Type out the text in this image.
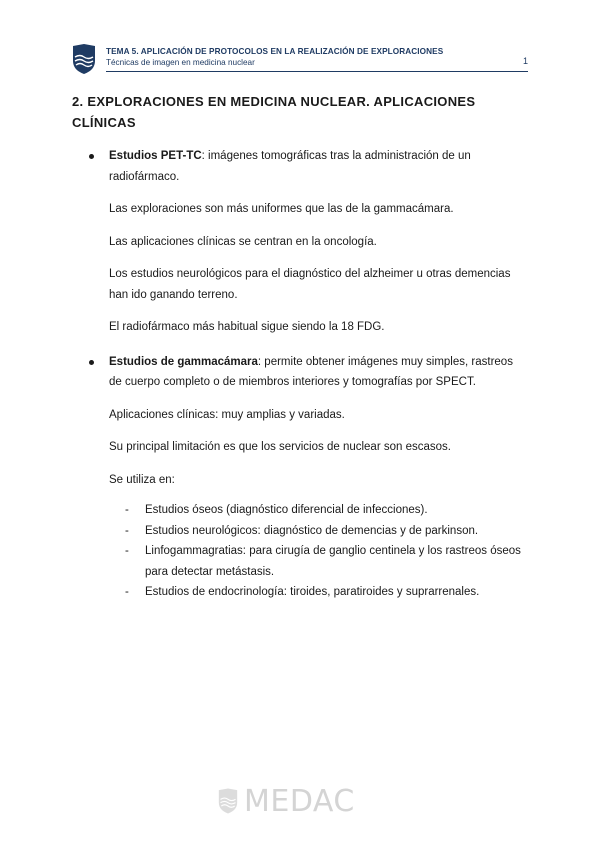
TEMA 5. APLICACIÓN DE PROTOCOLOS EN LA REALIZACIÓN DE EXPLORACIONES
Técnicas de imagen en medicina nuclear	1
2. EXPLORACIONES EN MEDICINA NUCLEAR. APLICACIONES CLÍNICAS
Estudios PET-TC: imágenes tomográficas tras la administración de un radiofármaco.
Las exploraciones son más uniformes que las de la gammacámara.
Las aplicaciones clínicas se centran en la oncología.
Los estudios neurológicos para el diagnóstico del alzheimer u otras demencias han ido ganando terreno.
El radiofármaco más habitual sigue siendo la 18 FDG.
Estudios de gammacámara: permite obtener imágenes muy simples, rastreos de cuerpo completo o de miembros interiores y tomografías por SPECT.
Aplicaciones clínicas: muy amplias y variadas.
Su principal limitación es que los servicios de nuclear son escasos.
Se utiliza en:
- Estudios óseos (diagnóstico diferencial de infecciones).
- Estudios neurológicos: diagnóstico de demencias y de parkinson.
- Linfogammagratias: para cirugía de ganglio centinela y los rastreos óseos para detectar metástasis.
- Estudios de endocrinología: tiroides, paratiroides y suprarrenales.
MEDAC
